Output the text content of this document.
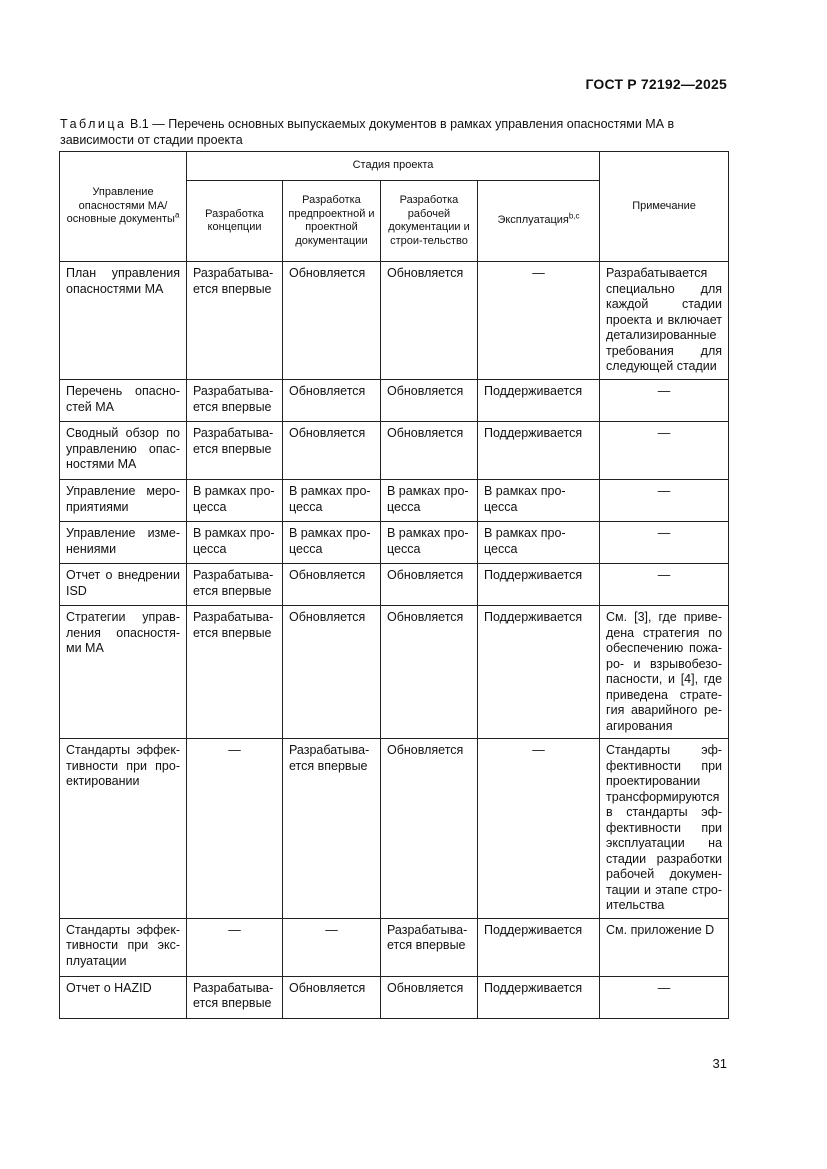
ГОСТ Р 72192—2025
Таблица В.1 — Перечень основных выпускаемых документов в рамках управления опасностями МА в зависимости от стадии проекта
Управление опасностями МА/основные документы$^а$	Стадия проекта				Примечание
	Разработка концепции	Разработка предпроектной и проектной документации	Разработка рабочей документации и строи-тельство	Эксплуатация$^{b,c}$
План управления опасностями МА	Разрабатыва-ется впервые	Обновляется	Обновляется	—	Разрабатывается специально для каждой стадии проекта и включает детализированные требования для следующей стадии
Перечень опасно-стей МА	Разрабатыва-ется впервые	Обновляется	Обновляется	Поддерживается	—
Сводный обзор по управлению опас-ностями МА	Разрабатыва-ется впервые	Обновляется	Обновляется	Поддерживается	—
Управление меро-приятиями	В рамках про-цесса	В рамках про-цесса	В рамках про-цесса	В рамках про-цесса	—
Управление изме-нениями	В рамках про-цесса	В рамках про-цесса	В рамках про-цесса	В рамках про-цесса	—
Отчет о внедрении ISD	Разрабатыва-ется впервые	Обновляется	Обновляется	Поддерживается	—
Стратегии управ-ления опасностя-ми МА	Разрабатыва-ется впервые	Обновляется	Обновляется	Поддерживается	См. [3], где приве-дена стратегия по обеспечению пожа-ро- и взрывобезо-пасности, и [4], где приведена страте-гия аварийного ре-агирования
Стандарты эффек-тивности при про-ектировании	—	Разрабатыва-ется впервые	Обновляется	—	Стандарты эф-фективности при проектировании трансформируются в стандарты эф-фективности при эксплуатации на стадии разработки рабочей докумен-тации и этапе стро-ительства
Стандарты эффек-тивности при экс-плуатации	—	—	Разрабатыва-ется впервые	Поддерживается	См. приложение D
Отчет о HAZID	Разрабатыва-ется впервые	Обновляется	Обновляется	Поддерживается	—
31
